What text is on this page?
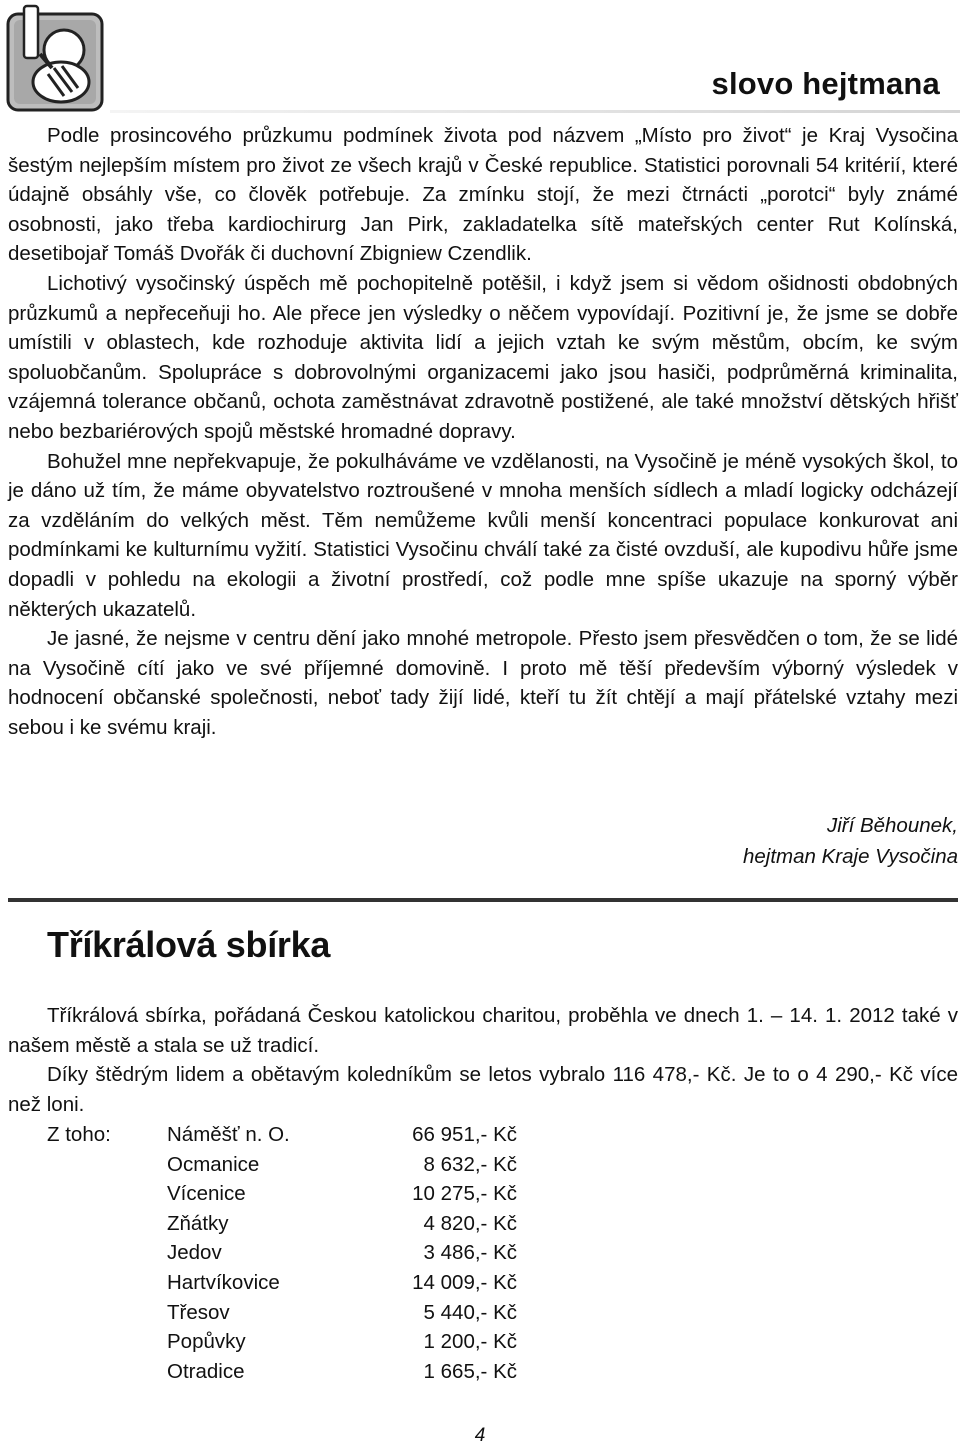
slovo hejtmana

Podle prosincového průzkumu podmínek života pod názvem „Místo pro život“ je Kraj Vysočina šestým nejlepším místem pro život ze všech krajů v České republice. Statistici porovnali 54 kritérií, které údajně obsáhly vše, co člověk potřebuje. Za zmínku stojí, že mezi čtrnácti „porotci“ byly známé osobnosti, jako třeba kardiochirurg Jan Pirk, zakladatelka sítě mateřských center Rut Kolínská, desetibojař Tomáš Dvořák či duchovní Zbigniew Czendlik.

Lichotivý vysočinský úspěch mě pochopitelně potěšil, i když jsem si vědom ošidnosti obdobných průzkumů a nepřeceňuji ho. Ale přece jen výsledky o něčem vypovídají. Pozitivní je, že jsme se dobře umístili v oblastech, kde rozhoduje aktivita lidí a jejich vztah ke svým městům, obcím, ke svým spoluobčanům. Spolupráce s dobrovolnými organizacemi jako jsou hasiči, podprůměrná kriminalita, vzájemná tolerance občanů, ochota zaměstnávat zdravotně postižené, ale také množství dětských hřišť nebo bezbariérových spojů městské hromadné dopravy.

Bohužel mne nepřekvapuje, že pokulháváme ve vzdělanosti, na Vysočině je méně vysokých škol, to je dáno už tím, že máme obyvatelstvo roztroušené v mnoha menších sídlech a mladí logicky odcházejí za vzděláním do velkých měst. Těm nemůžeme kvůli menší koncentraci populace konkurovat ani podmínkami ke kulturnímu vyžití. Statistici Vysočinu chválí také za čisté ovzduší, ale kupodivu hůře jsme dopadli v pohledu na ekologii a životní prostředí, což podle mne spíše ukazuje na sporný výběr některých ukazatelů.

Je jasné, že nejsme v centru dění jako mnohé metropole. Přesto jsem přesvědčen o tom, že se lidé na Vysočině cítí jako ve své příjemné domovině. I proto mě těší především výborný výsledek v hodnocení občanské společnosti, neboť tady žijí lidé, kteří tu žít chtějí a mají přátelské vztahy mezi sebou i ke svému kraji.

Jiří Běhounek,
hejtman Kraje Vysočina
Tříkrálová sbírka

Tříkrálová sbírka, pořádaná Českou katolickou charitou, proběhla ve dnech 1. – 14. 1. 2012 také v našem městě a stala se už tradicí.

Díky štědrým lidem a obětavým koledníkům se letos vybralo 116 478,- Kč. Je to o 4 290,- Kč více než loni.

Z toho:	Náměšť n. O.	66 951,- Kč
Ocmanice	8 632,- Kč
Vícenice	10 275,- Kč
Zňátky	4 820,- Kč
Jedov	3 486,- Kč
Hartvíkovice	14 009,- Kč
Třesov	5 440,- Kč
Popůvky	1 200,- Kč
Otradice	1 665,- Kč
4
